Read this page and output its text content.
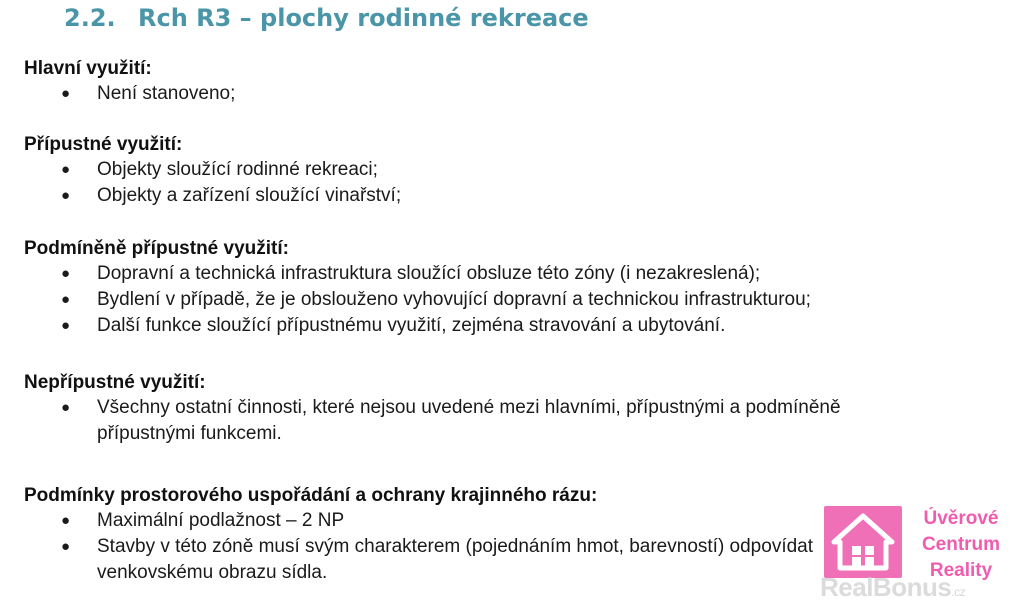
2.2. Rch R3 – plochy rodinné rekreace
Hlavní využití:
● Není stanoveno;
Přípustné využití:
● Objekty sloužící rodinné rekreaci;
● Objekty a zařízení sloužící vinařství;
Podmíněně přípustné využití:
● Dopravní a technická infrastruktura sloužící obsluze této zóny (i nezakreslená);
● Bydlení v případě, že je obslouženo vyhovující dopravní a technickou infrastrukturou;
● Další funkce sloužící přípustnému využití, zejména stravování a ubytování.
Nepřípustné využití:
● Všechny ostatní činnosti, které nejsou uvedené mezi hlavními, přípustnými a podmíněně přípustnými funkcemi.
Podmínky prostorového uspořádání a ochrany krajinného rázu:
● Maximální podlažnost – 2 NP
● Stavby v této zóně musí svým charakterem (pojednáním hmot, barevností) odpovídat venkovskému obrazu sídla.
Úvěrové
Centrum
Reality
RealBonus.cz
